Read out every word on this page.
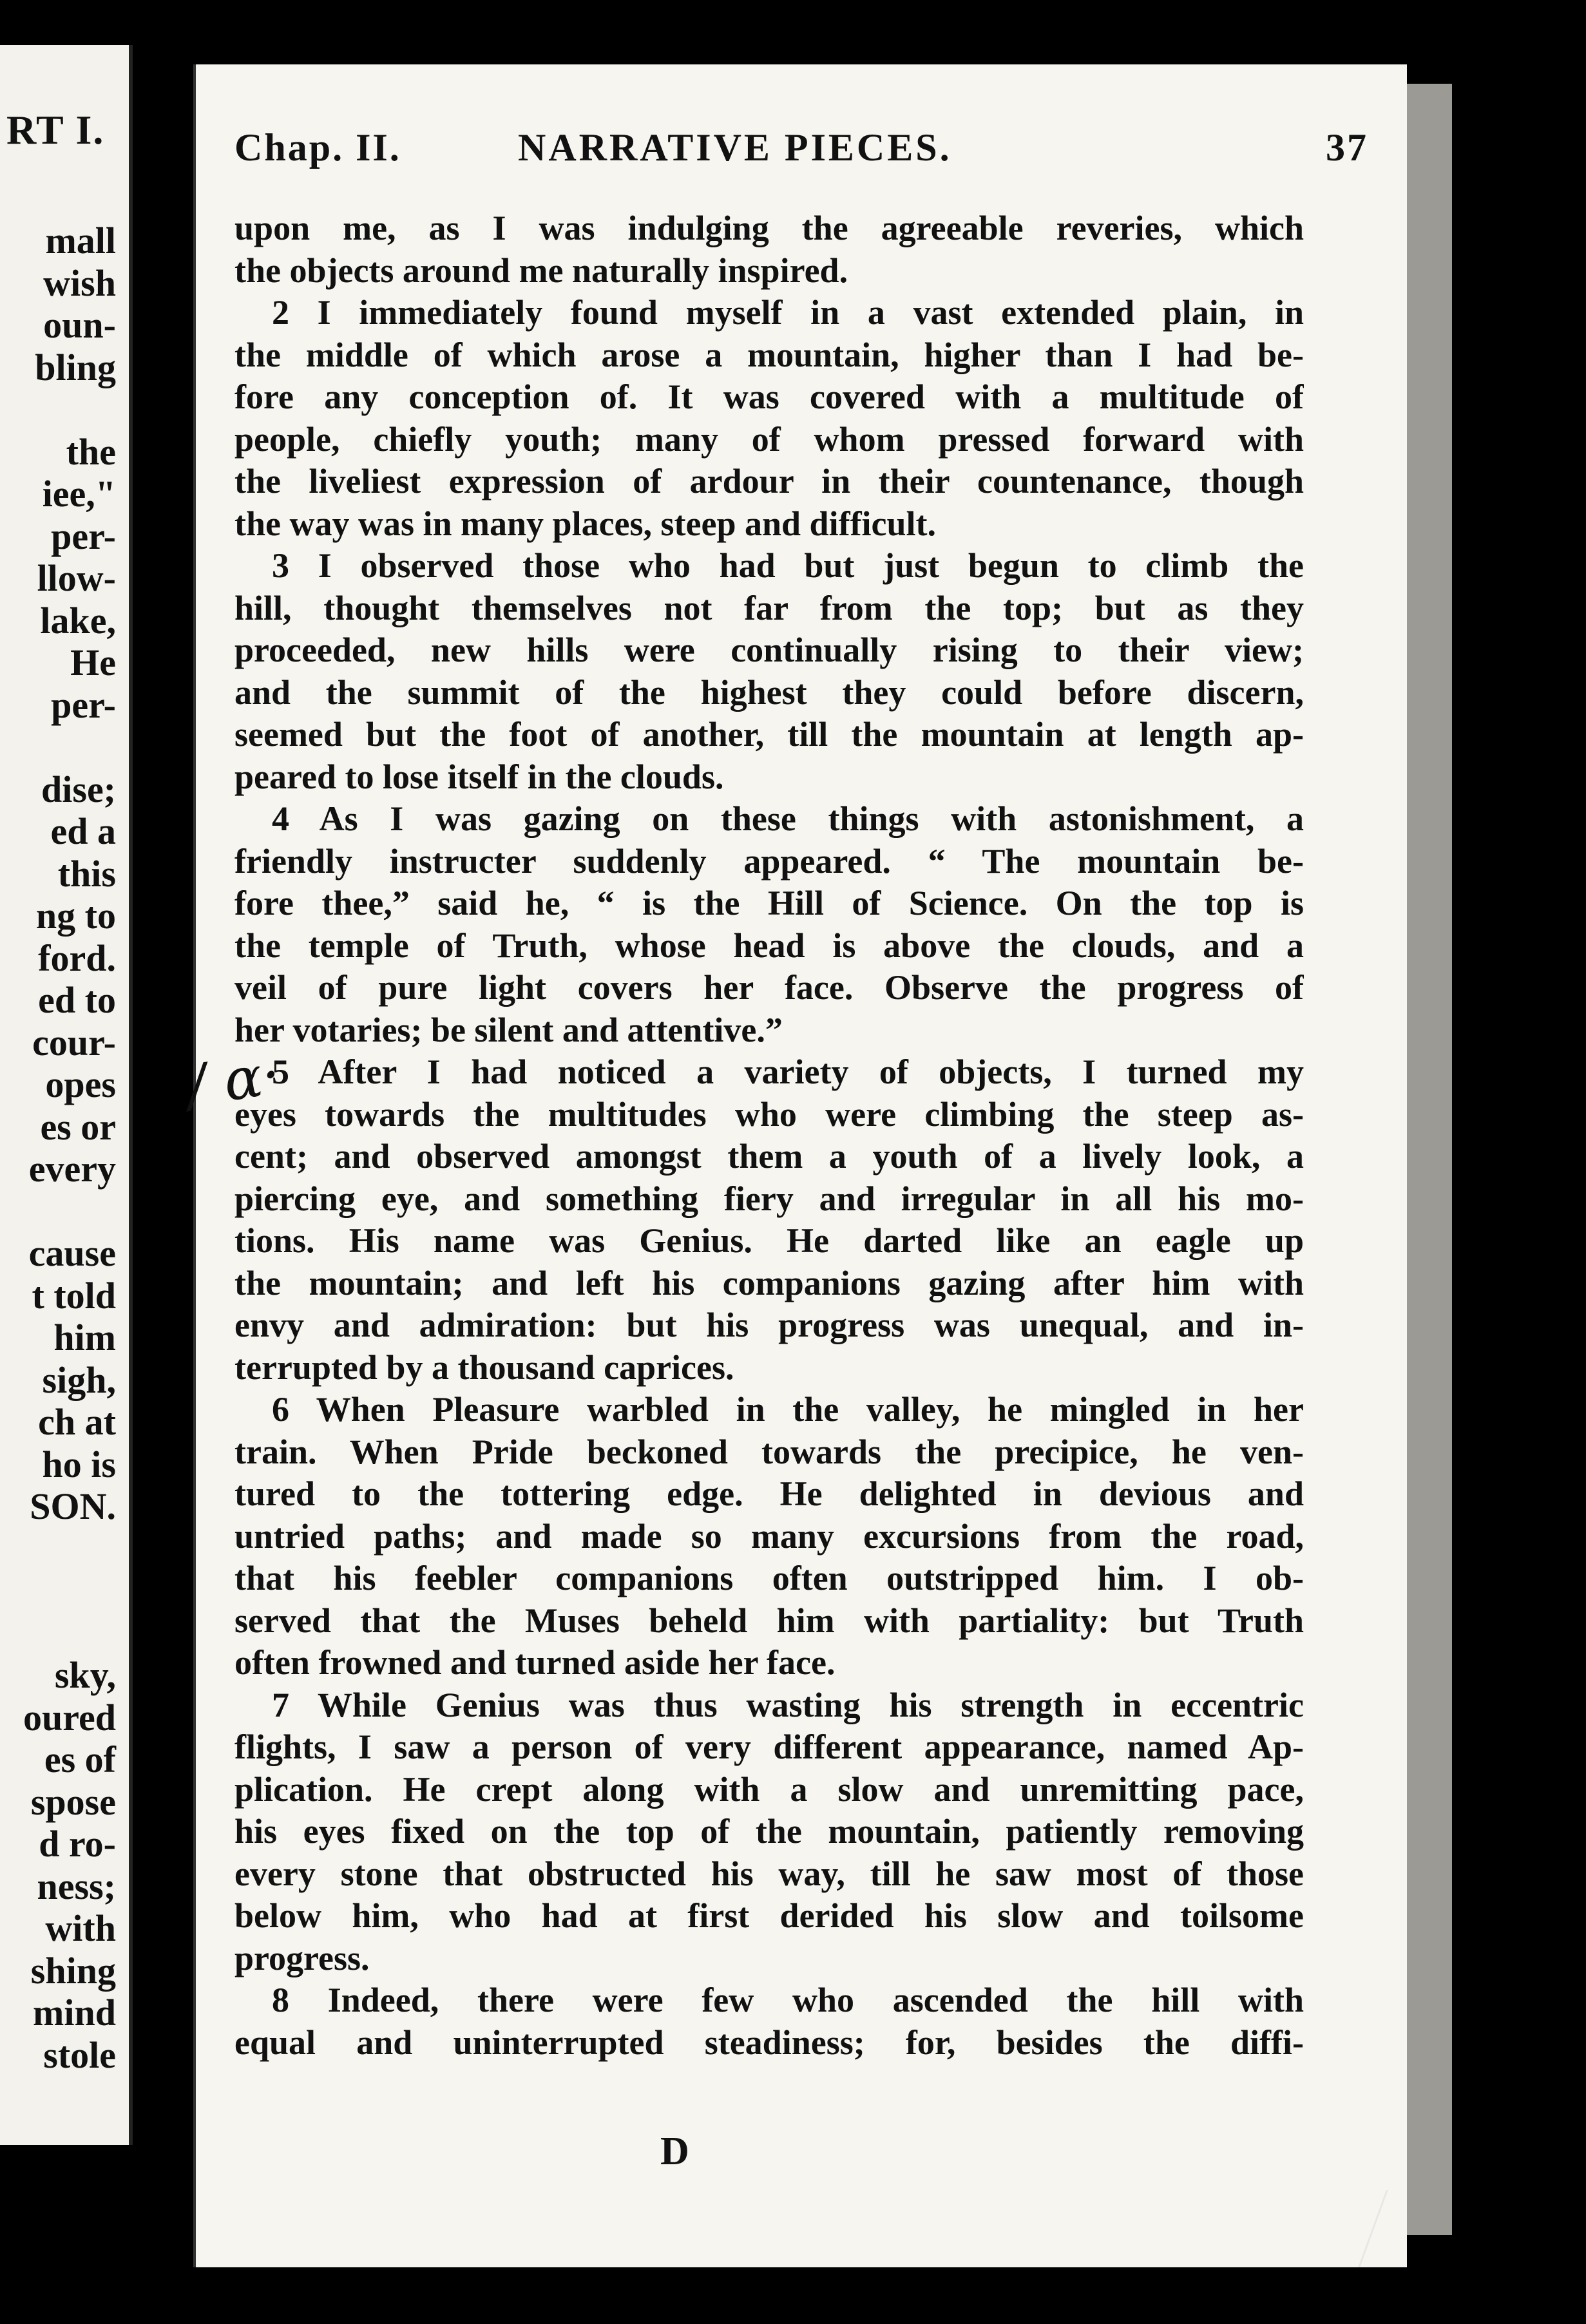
RT I.
mall
wish
oun-
bling
the
iee,"
per-
llow-
lake,
He
per-
dise;
ed a
this
ng to
ford.
ed to
cour-
opes
es or
every
cause
t told
him
sigh,
ch at
ho is
SON.
sky,
oured
es of
spose
d ro-
ness;
with
shing
mind
stole
Chap. II.	NARRATIVE PIECES.	37
upon me, as I was indulging the agreeable reveries, which
the objects around me naturally inspired.
2 I immediately found myself in a vast extended plain, in
the middle of which arose a mountain, higher than I had be-
fore any conception of. It was covered with a multitude of
people, chiefly youth; many of whom pressed forward with
the liveliest expression of ardour in their countenance, though
the way was in many places, steep and difficult.
3 I observed those who had but just begun to climb the
hill, thought themselves not far from the top; but as they
proceeded, new hills were continually rising to their view;
and the summit of the highest they could before discern,
seemed but the foot of another, till the mountain at length ap-
peared to lose itself in the clouds.
4 As I was gazing on these things with astonishment, a
friendly instructer suddenly appeared. “ The mountain be-
fore thee,” said he, “ is the Hill of Science. On the top is
the temple of Truth, whose head is above the clouds, and a
veil of pure light covers her face. Observe the progress of
her votaries; be silent and attentive.”
5 After I had noticed a variety of objects, I turned my
eyes towards the multitudes who were climbing the steep as-
cent; and observed amongst them a youth of a lively look, a
piercing eye, and something fiery and irregular in all his mo-
tions. His name was Genius. He darted like an eagle up
the mountain; and left his companions gazing after him with
envy and admiration: but his progress was unequal, and in-
terrupted by a thousand caprices.
6 When Pleasure warbled in the valley, he mingled in her
train. When Pride beckoned towards the precipice, he ven-
tured to the tottering edge. He delighted in devious and
untried paths; and made so many excursions from the road,
that his feebler companions often outstripped him. I ob-
served that the Muses beheld him with partiality: but Truth
often frowned and turned aside her face.
7 While Genius was thus wasting his strength in eccentric
flights, I saw a person of very different appearance, named Ap-
plication. He crept along with a slow and unremitting pace,
his eyes fixed on the top of the mountain, patiently removing
every stone that obstructed his way, till he saw most of those
below him, who had at first derided his slow and toilsome
progress.
8 Indeed, there were few who ascended the hill with
equal and uninterrupted steadiness; for, besides the diffi-
/ α·
D
